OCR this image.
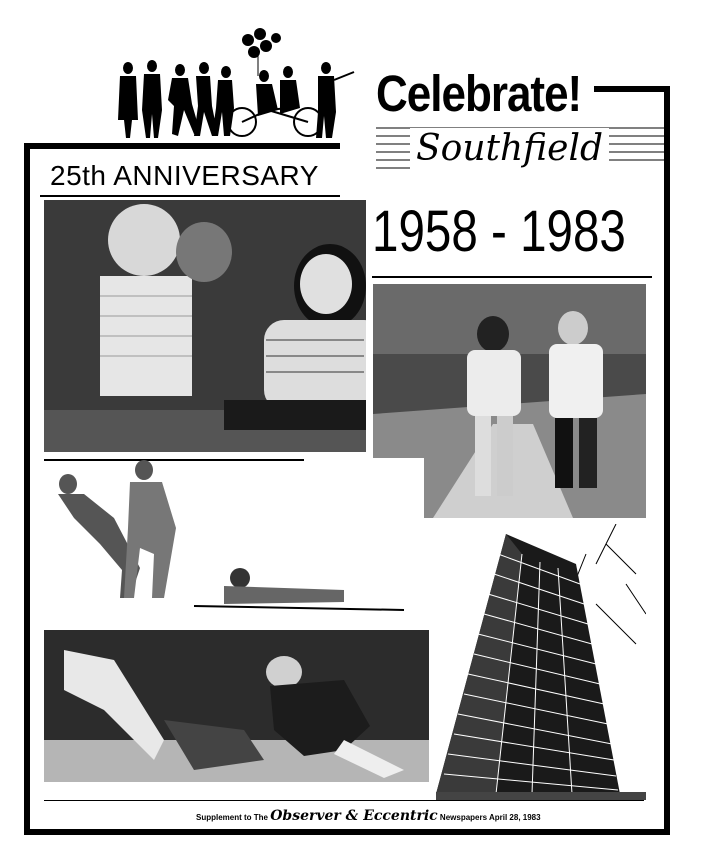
25th ANNIVERSARY
Celebrate!
Southfield
1958 - 1983
Supplement to The Observer & Eccentric Newspapers April 28, 1983
